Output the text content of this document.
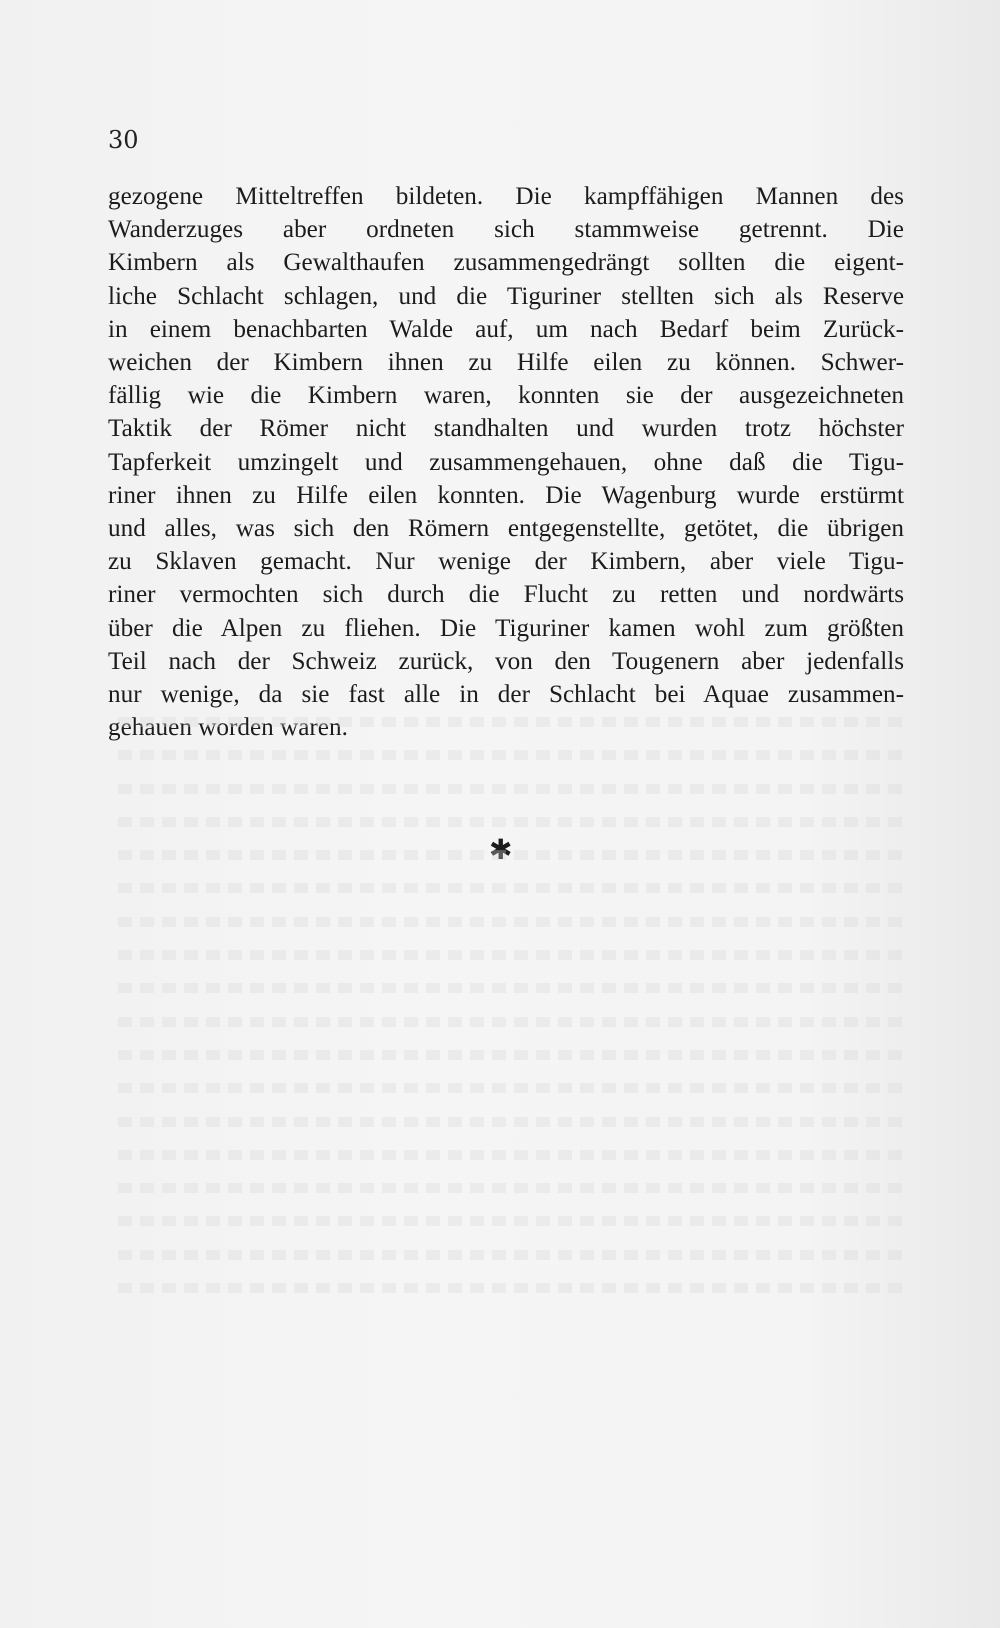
30
gezogene Mitteltreffen bildeten. Die kampffähigen Mannen des
Wanderzuges aber ordneten sich stammweise getrennt. Die
Kimbern als Gewalthaufen zusammengedrängt sollten die eigent-
liche Schlacht schlagen, und die Tiguriner stellten sich als Reserve
in einem benachbarten Walde auf, um nach Bedarf beim Zurück-
weichen der Kimbern ihnen zu Hilfe eilen zu können. Schwer-
fällig wie die Kimbern waren, konnten sie der ausgezeichneten
Taktik der Römer nicht standhalten und wurden trotz höchster
Tapferkeit umzingelt und zusammengehauen, ohne daß die Tigu-
riner ihnen zu Hilfe eilen konnten. Die Wagenburg wurde erstürmt
und alles, was sich den Römern entgegenstellte, getötet, die übrigen
zu Sklaven gemacht. Nur wenige der Kimbern, aber viele Tigu-
riner vermochten sich durch die Flucht zu retten und nordwärts
über die Alpen zu fliehen. Die Tiguriner kamen wohl zum größten
Teil nach der Schweiz zurück, von den Tougenern aber jedenfalls
nur wenige, da sie fast alle in der Schlacht bei Aquae zusammen-
gehauen worden waren.
✱
